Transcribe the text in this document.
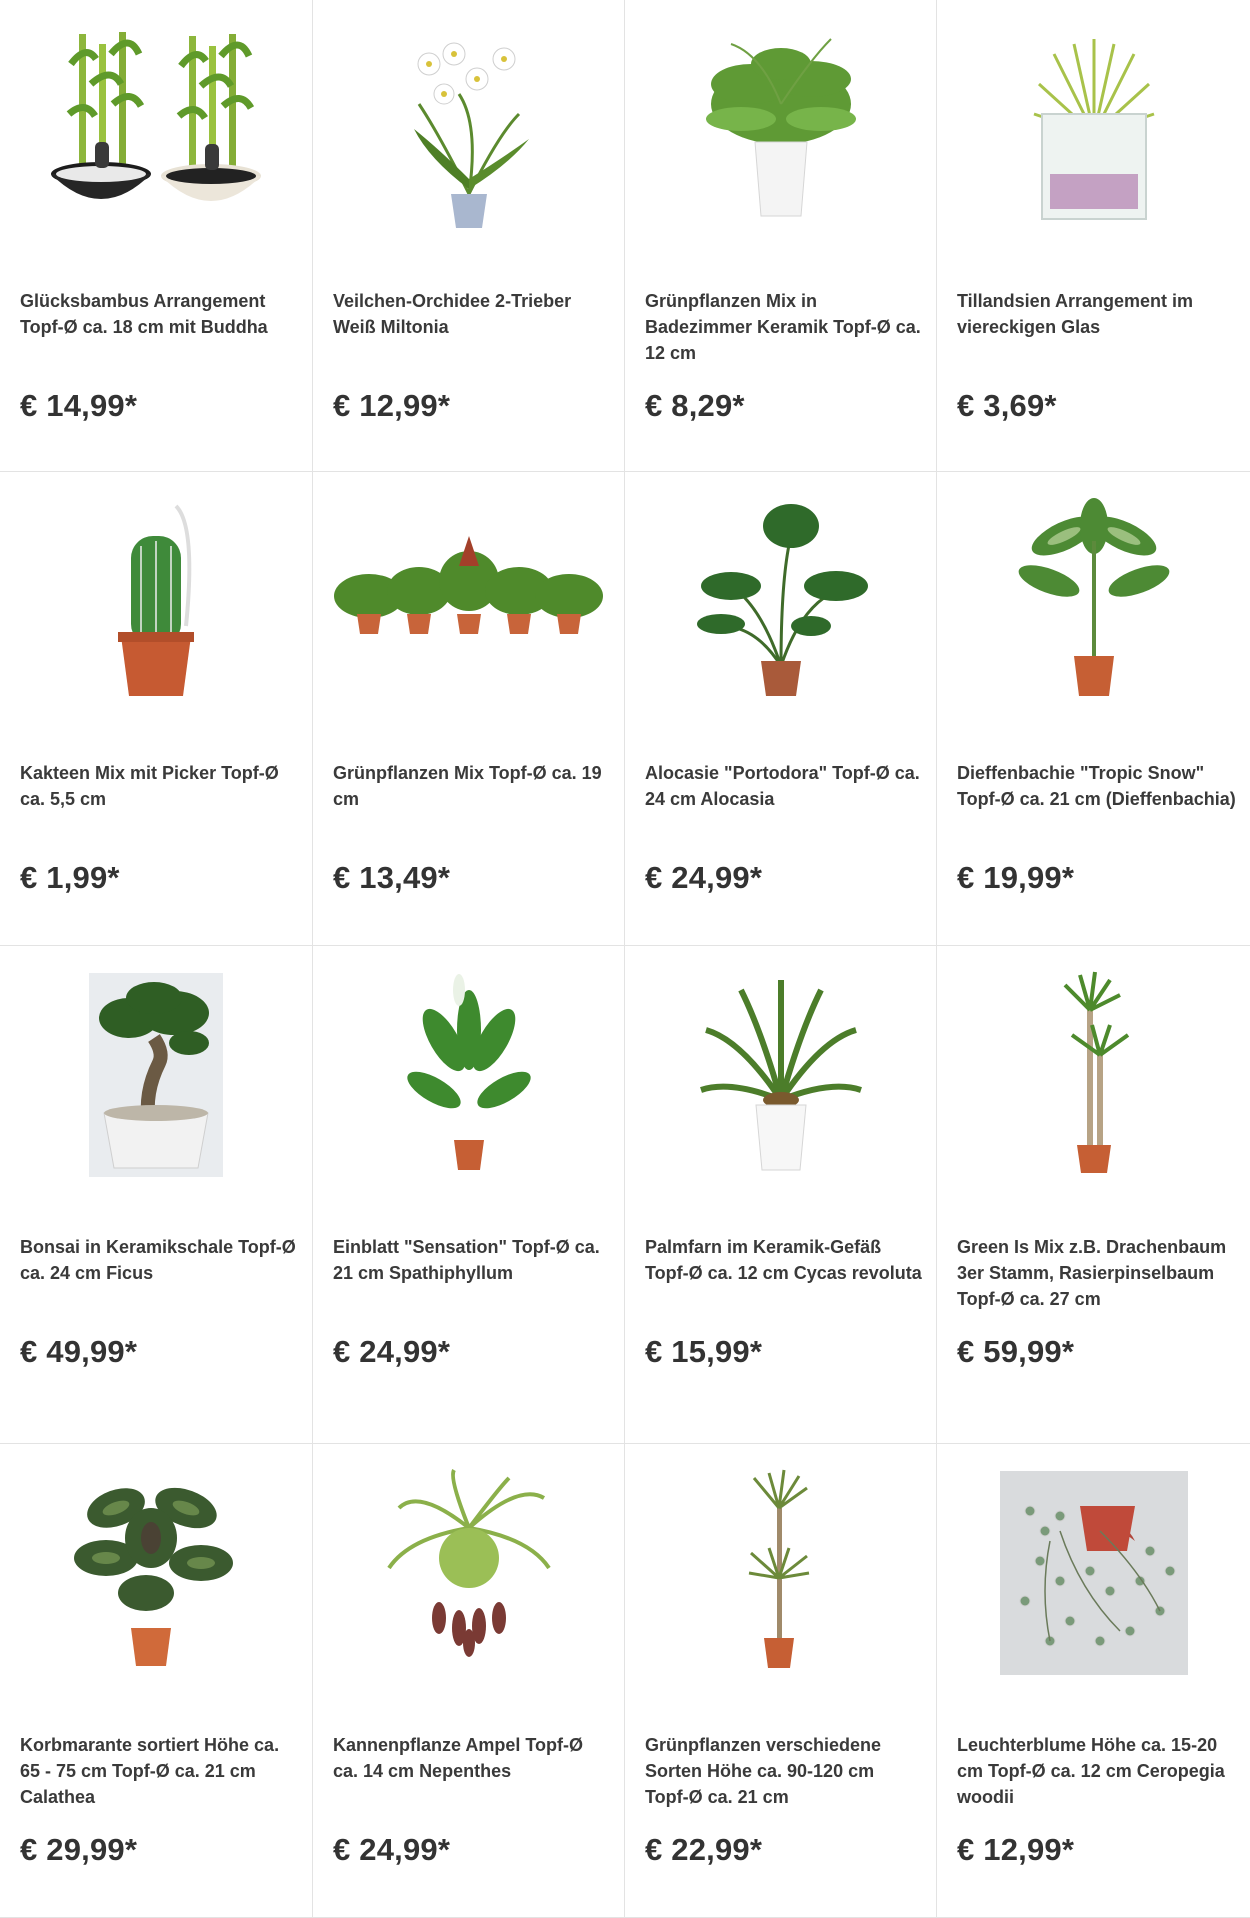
Glücksbambus Arrangement Topf-Ø ca. 18 cm mit Buddha
€ 14,99*
Veilchen-Orchidee 2-Trieber Weiß Miltonia
€ 12,99*
Grünpflanzen Mix in Badezimmer Keramik Topf-Ø ca. 12 cm
€ 8,29*
Tillandsien Arrangement im viereckigen Glas
€ 3,69*
Kakteen Mix mit Picker Topf-Ø ca. 5,5 cm
€ 1,99*
Grünpflanzen Mix Topf-Ø ca. 19 cm
€ 13,49*
Alocasie "Portodora" Topf-Ø ca. 24 cm Alocasia
€ 24,99*
Dieffenbachie "Tropic Snow" Topf-Ø ca. 21 cm (Dieffenbachia)
€ 19,99*
Bonsai in Keramikschale Topf-Ø ca. 24 cm Ficus
€ 49,99*
Einblatt "Sensation" Topf-Ø ca. 21 cm Spathiphyllum
€ 24,99*
Palmfarn im Keramik-Gefäß Topf-Ø ca. 12 cm Cycas revoluta
€ 15,99*
Green Is Mix z.B. Drachenbaum 3er Stamm, Rasierpinselbaum Topf-Ø ca. 27 cm
€ 59,99*
Korbmarante sortiert Höhe ca. 65 - 75 cm Topf-Ø ca. 21 cm Calathea
€ 29,99*
Kannenpflanze Ampel Topf-Ø ca. 14 cm Nepenthes
€ 24,99*
Grünpflanzen verschiedene Sorten Höhe ca. 90-120 cm Topf-Ø ca. 21 cm
€ 22,99*
Leuchterblume Höhe ca. 15-20 cm Topf-Ø ca. 12 cm Ceropegia woodii
€ 12,99*
